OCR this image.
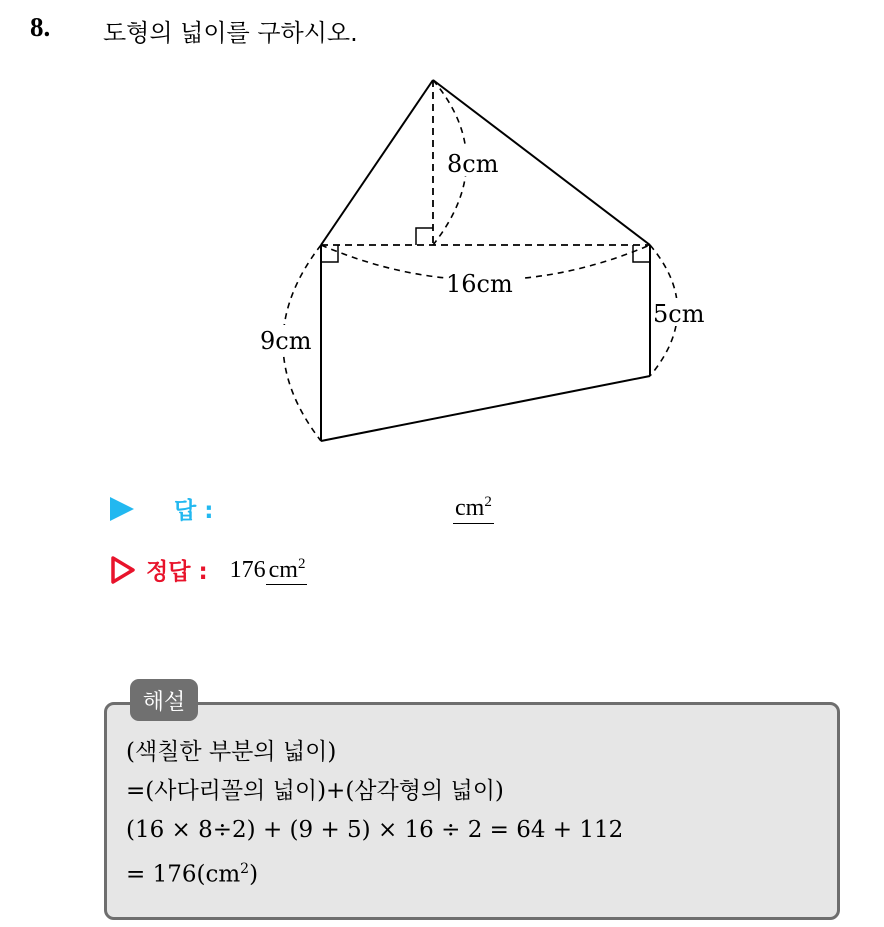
8. 도형의 넓이를 구하시오.
8cm
16cm
9cm
5cm
답 :	$cm^2$
정답 : 176 $cm^2$
해설
(색칠한 부분의 넓이)
=(사다리꼴의 넓이)+(삼각형의 넓이)
(16 × 8÷2) + (9 + 5) × 16 ÷ 2 = 64 + 112
= $176(cm^2)$
